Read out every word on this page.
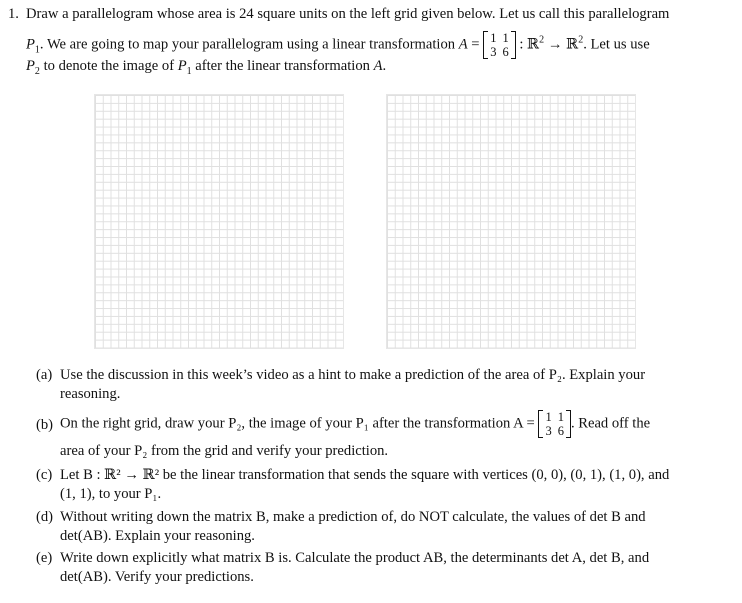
1. Draw a parallelogram whose area is 24 square units on the left grid given below. Let us call this parallelogram
$P_1$. We are going to map your parallelogram using a linear transformation A = 1	1
3	6 : ℝ$^2$ → ℝ$^2$. Let us use
$P_2$ to denote the image of $P_1$ after the linear transformation A.
(a) Use the discussion in this week’s video as a hint to make a prediction of the area of P₂. Explain your
reasoning.
(b) On the right grid, draw your P₂, the image of your P₁ after the transformation A = 1	1
3	6 . Read off the
area of your P₂ from the grid and verify your prediction.
(c) Let B : ℝ² → ℝ² be the linear transformation that sends the square with vertices (0, 0), (0, 1), (1, 0), and
(1, 1), to your P₁.
(d) Without writing down the matrix B, make a prediction of, do NOT calculate, the values of det B and
det(AB). Explain your reasoning.
(e) Write down explicitly what matrix B is. Calculate the product AB, the determinants det A, det B, and
det(AB). Verify your predictions.
